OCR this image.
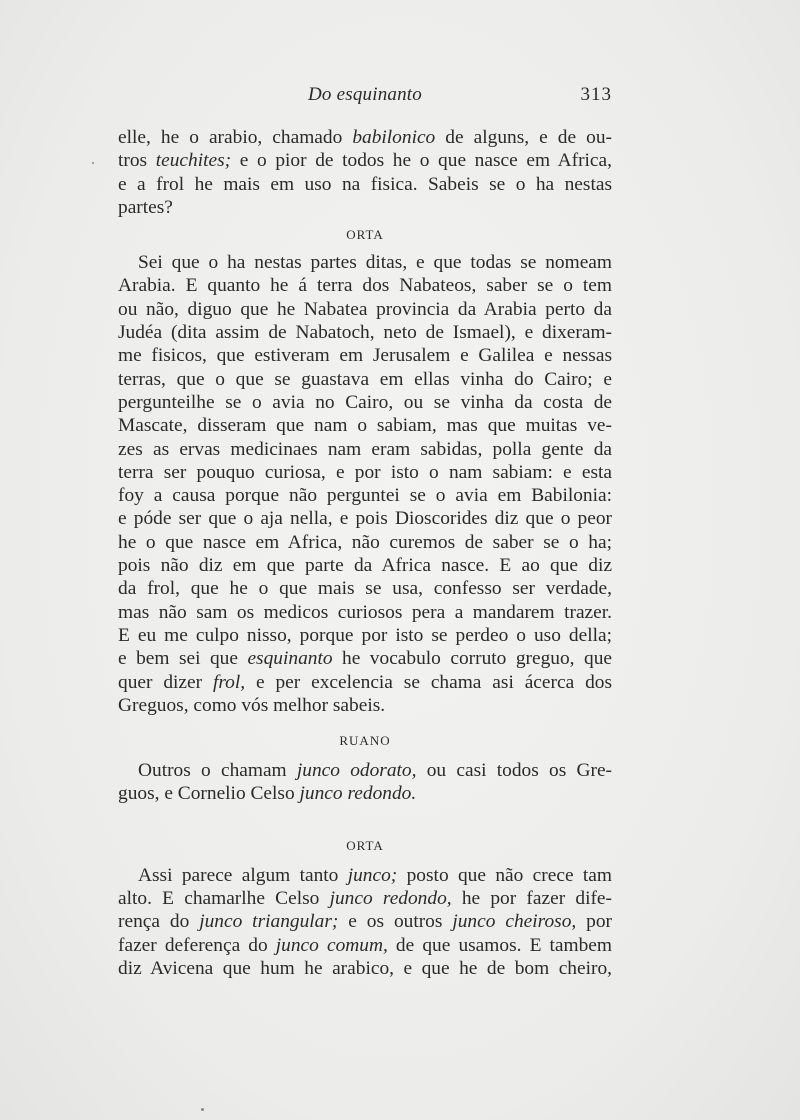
Do esquinanto	313
elle, he o arabio, chamado babilonico de alguns, e de ou-
tros teuchites; e o pior de todos he o que nasce em Africa,
e a frol he mais em uso na fisica. Sabeis se o ha nestas
partes?
ORTA
Sei que o ha nestas partes ditas, e que todas se nomeam
Arabia. E quanto he á terra dos Nabateos, saber se o tem
ou não, diguo que he Nabatea provincia da Arabia perto da
Judéa (dita assim de Nabatoch, neto de Ismael), e dixeram-
me fisicos, que estiveram em Jerusalem e Galilea e nessas
terras, que o que se guastava em ellas vinha do Cairo; e
pergunteilhe se o avia no Cairo, ou se vinha da costa de
Mascate, disseram que nam o sabiam, mas que muitas ve-
zes as ervas medicinaes nam eram sabidas, polla gente da
terra ser pouquo curiosa, e por isto o nam sabiam: e esta
foy a causa porque não perguntei se o avia em Babilonia:
e póde ser que o aja nella, e pois Dioscorides diz que o peor
he o que nasce em Africa, não curemos de saber se o ha;
pois não diz em que parte da Africa nasce. E ao que diz
da frol, que he o que mais se usa, confesso ser verdade,
mas não sam os medicos curiosos pera a mandarem trazer.
E eu me culpo nisso, porque por isto se perdeo o uso della;
e bem sei que esquinanto he vocabulo corruto greguo, que
quer dizer frol, e per excelencia se chama asi ácerca dos
Greguos, como vós melhor sabeis.
RUANO
Outros o chamam junco odorato, ou casi todos os Gre-
guos, e Cornelio Celso junco redondo.
ORTA
Assi parece algum tanto junco; posto que não crece tam
alto. E chamarlhe Celso junco redondo, he por fazer dife-
rença do junco triangular; e os outros junco cheiroso, por
fazer deferença do junco comum, de que usamos. E tambem
diz Avicena que hum he arabico, e que he de bom cheiro,
